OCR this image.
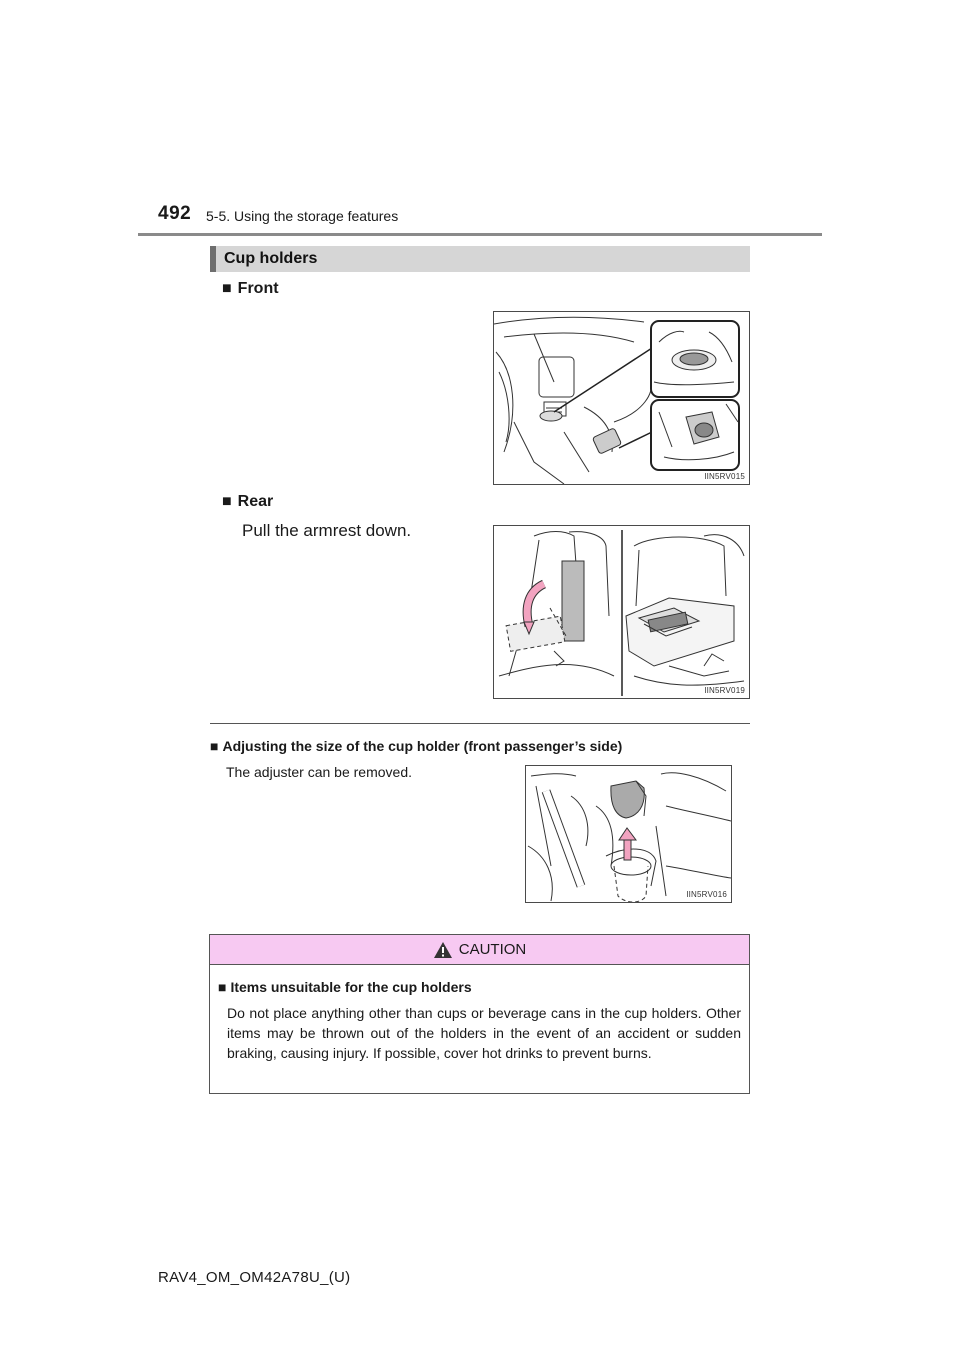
492 5-5. Using the storage features
Cup holders
■ Front
IIN5RV015
■ Rear
Pull the armrest down.
IIN5RV019
■ Adjusting the size of the cup holder (front passenger’s side)
The adjuster can be removed.
IIN5RV016
CAUTION
■ Items unsuitable for the cup holders

Do not place anything other than cups or beverage cans in the cup holders. Other items may be thrown out of the holders in the event of an accident or sudden braking, causing injury. If possible, cover hot drinks to prevent burns.

RAV4_OM_OM42A78U_(U)
